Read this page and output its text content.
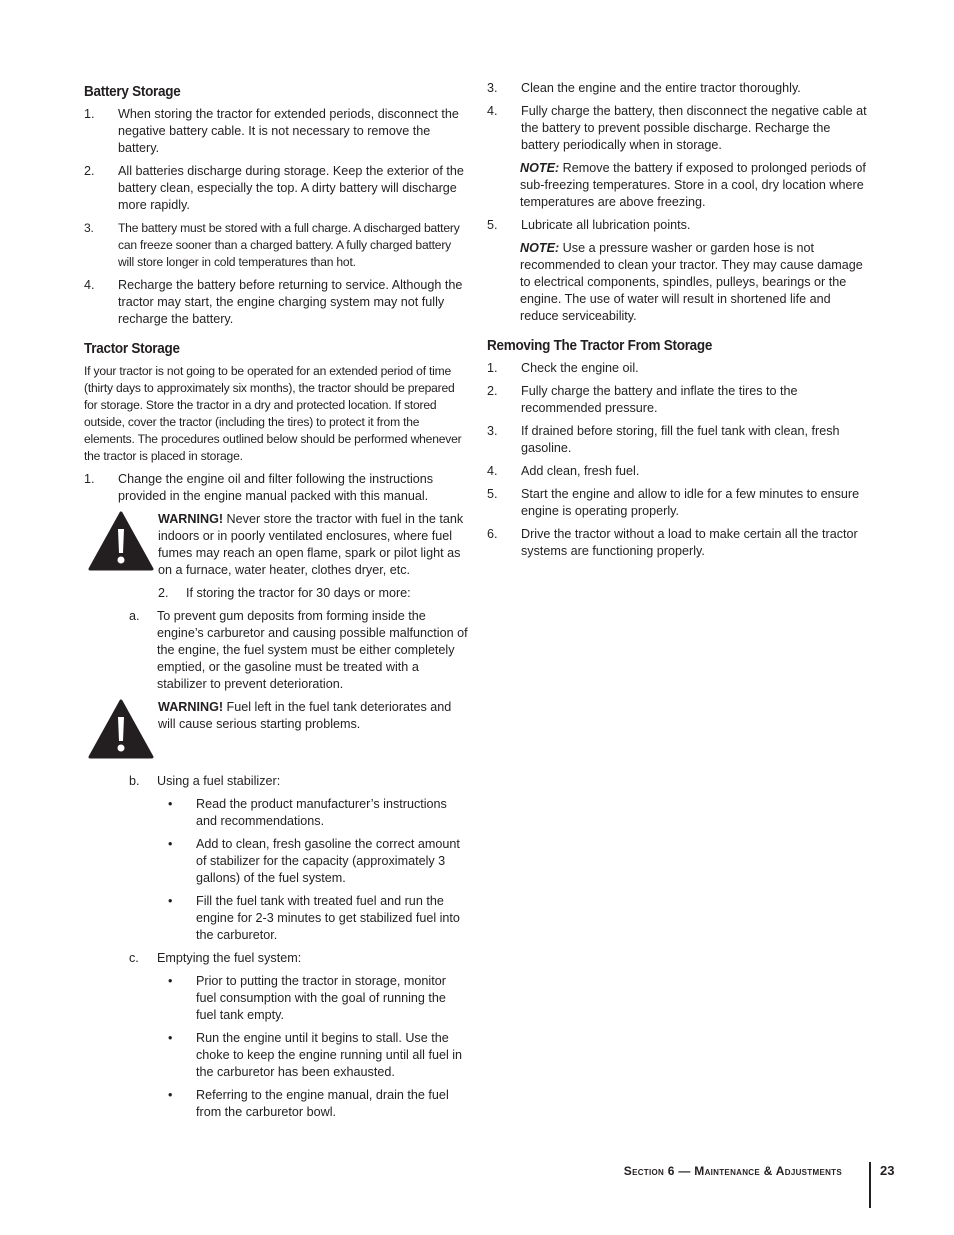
Battery Storage
1.	When storing the tractor for extended periods, disconnect the negative battery cable. It is not necessary to remove the battery.
2.	All batteries discharge during storage. Keep the exterior of the battery clean, especially the top. A dirty battery will discharge more rapidly.
3.	The battery must be stored with a full charge. A discharged battery can freeze sooner than a charged battery. A fully charged battery will store longer in cold temperatures than hot.
4.	Recharge the battery before returning to service. Although the tractor may start, the engine charging system may not fully recharge the battery.
Tractor Storage

If your tractor is not going to be operated for an extended period of time (thirty days to approximately six months), the tractor should be prepared for storage. Store the tractor in a dry and protected location. If stored outside, cover the tractor (including the tires) to protect it from the elements. The procedures outlined below should be performed whenever the tractor is placed in storage.

1.	Change the engine oil and filter following the instructions provided in the engine manual packed with this manual.
WARNING! Never store the tractor with fuel in the tank indoors or in poorly ventilated enclosures, where fuel fumes may reach an open flame, spark or pilot light as on a furnace, water heater, clothes dryer, etc.
2.	If storing the tractor for 30 days or more:
a.	To prevent gum deposits from forming inside the engine’s carburetor and causing possible malfunction of the engine, the fuel system must be either completely emptied, or the gasoline must be treated with a stabilizer to prevent deterioration.
WARNING! Fuel left in the fuel tank deteriorates and will cause serious starting problems.
b.	Using a fuel stabilizer:
•	Read the product manufacturer’s instructions and recommendations.
•	Add to clean, fresh gasoline the correct amount of stabilizer for the capacity (approximately 3 gallons) of the fuel system.
•	Fill the fuel tank with treated fuel and run the engine for 2-3 minutes to get stabilized fuel into the carburetor.
c.	Emptying the fuel system:
•	Prior to putting the tractor in storage, monitor fuel consumption with the goal of running the fuel tank empty.
•	Run the engine until it begins to stall. Use the choke to keep the engine running until all fuel in the carburetor has been exhausted.
•	Referring to the engine manual, drain the fuel from the carburetor bowl.
3.	Clean the engine and the entire tractor thoroughly.
4.	Fully charge the battery, then disconnect the negative cable at the battery to prevent possible discharge. Recharge the battery periodically when in storage.

NOTE: Remove the battery if exposed to prolonged periods of sub-freezing temperatures. Store in a cool, dry location where temperatures are above freezing.

5.	Lubricate all lubrication points.

NOTE: Use a pressure washer or garden hose is not recommended to clean your tractor. They may cause damage to electrical components, spindles, pulleys, bearings or the engine. The use of water will result in shortened life and reduce serviceability.

Removing The Tractor From Storage
1.	Check the engine oil.
2.	Fully charge the battery and inflate the tires to the recommended pressure.
3.	If drained before storing, fill the fuel tank with clean, fresh gasoline.
4.	Add clean, fresh fuel.
5.	Start the engine and allow to idle for a few minutes to ensure engine is operating properly.
6.	Drive the tractor without a load to make certain all the tractor systems are functioning properly.
Section 6 — Maintenance & Adjustments	23
